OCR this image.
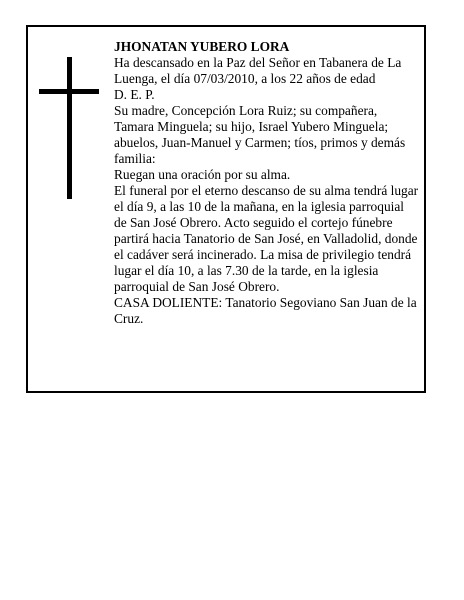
JHONATAN YUBERO LORA

Ha descansado en la Paz del Señor en Tabanera de La Luenga, el día 07/03/2010, a los 22 años de edad

D. E. P.

Su madre, Concepción Lora Ruiz; su compañera, Tamara Minguela; su hijo, Israel Yubero Minguela; abuelos, Juan-Manuel y Carmen; tíos, primos y demás familia:

Ruegan una oración por su alma.

El funeral por el eterno descanso de su alma tendrá lugar el día 9, a las 10 de la mañana, en la iglesia parroquial de San José Obrero. Acto seguido el cortejo fúnebre partirá hacia Tanatorio de San José, en Valladolid, donde el cadáver será incinerado. La misa de privilegio tendrá lugar el día 10, a las 7.30 de la tarde, en la iglesia parroquial de San José Obrero.

CASA DOLIENTE: Tanatorio Segoviano San Juan de la Cruz.
